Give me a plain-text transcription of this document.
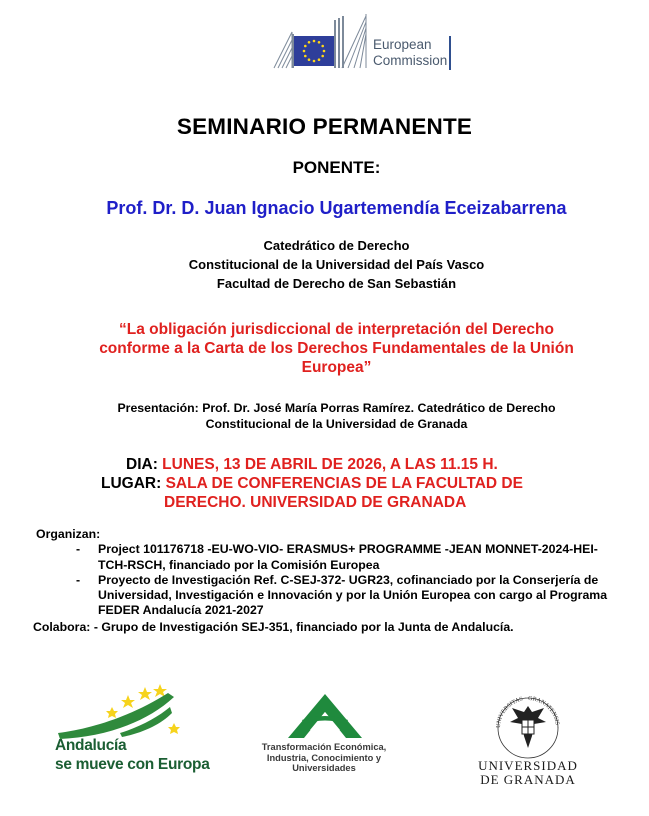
European
Commission
SEMINARIO PERMANENTE
PONENTE:
Prof. Dr. D. Juan Ignacio Ugartemendía Eceizabarrena
Catedrático de Derecho
Constitucional de la Universidad del País Vasco
Facultad de Derecho de San Sebastián
“La obligación jurisdiccional de interpretación del Derecho
conforme a la Carta de los Derechos Fundamentales de la Unión
Europea”
Presentación: Prof. Dr. José María Porras Ramírez. Catedrático de Derecho
Constitucional de la Universidad de Granada
DIA: LUNES, 13 DE ABRIL DE 2026, A LAS 11.15 H.
LUGAR: SALA DE CONFERENCIAS DE LA FACULTAD DE
DERECHO. UNIVERSIDAD DE GRANADA
Organizan:
- Project 101176718 -EU-WO-VIO- ERASMUS+ PROGRAMME -JEAN MONNET-2024-HEI-TCH-RSCH, financiado por la Comisión Europea
- Proyecto de Investigación Ref. C-SEJ-372- UGR23, cofinanciado por la Conserjería de Universidad, Investigación e Innovación y por la Unión Europea con cargo al Programa FEDER Andalucía 2021-2027
Colabora: - Grupo de Investigación SEJ-351, financiado por la Junta de Andalucía.
Andalucía
se mueve con Europa
Transformación Económica, Industria, Conocimiento y Universidades
UNIVERSITAS · GRANATENSIS ·
UNIVERSIDAD
DE GRANADA
